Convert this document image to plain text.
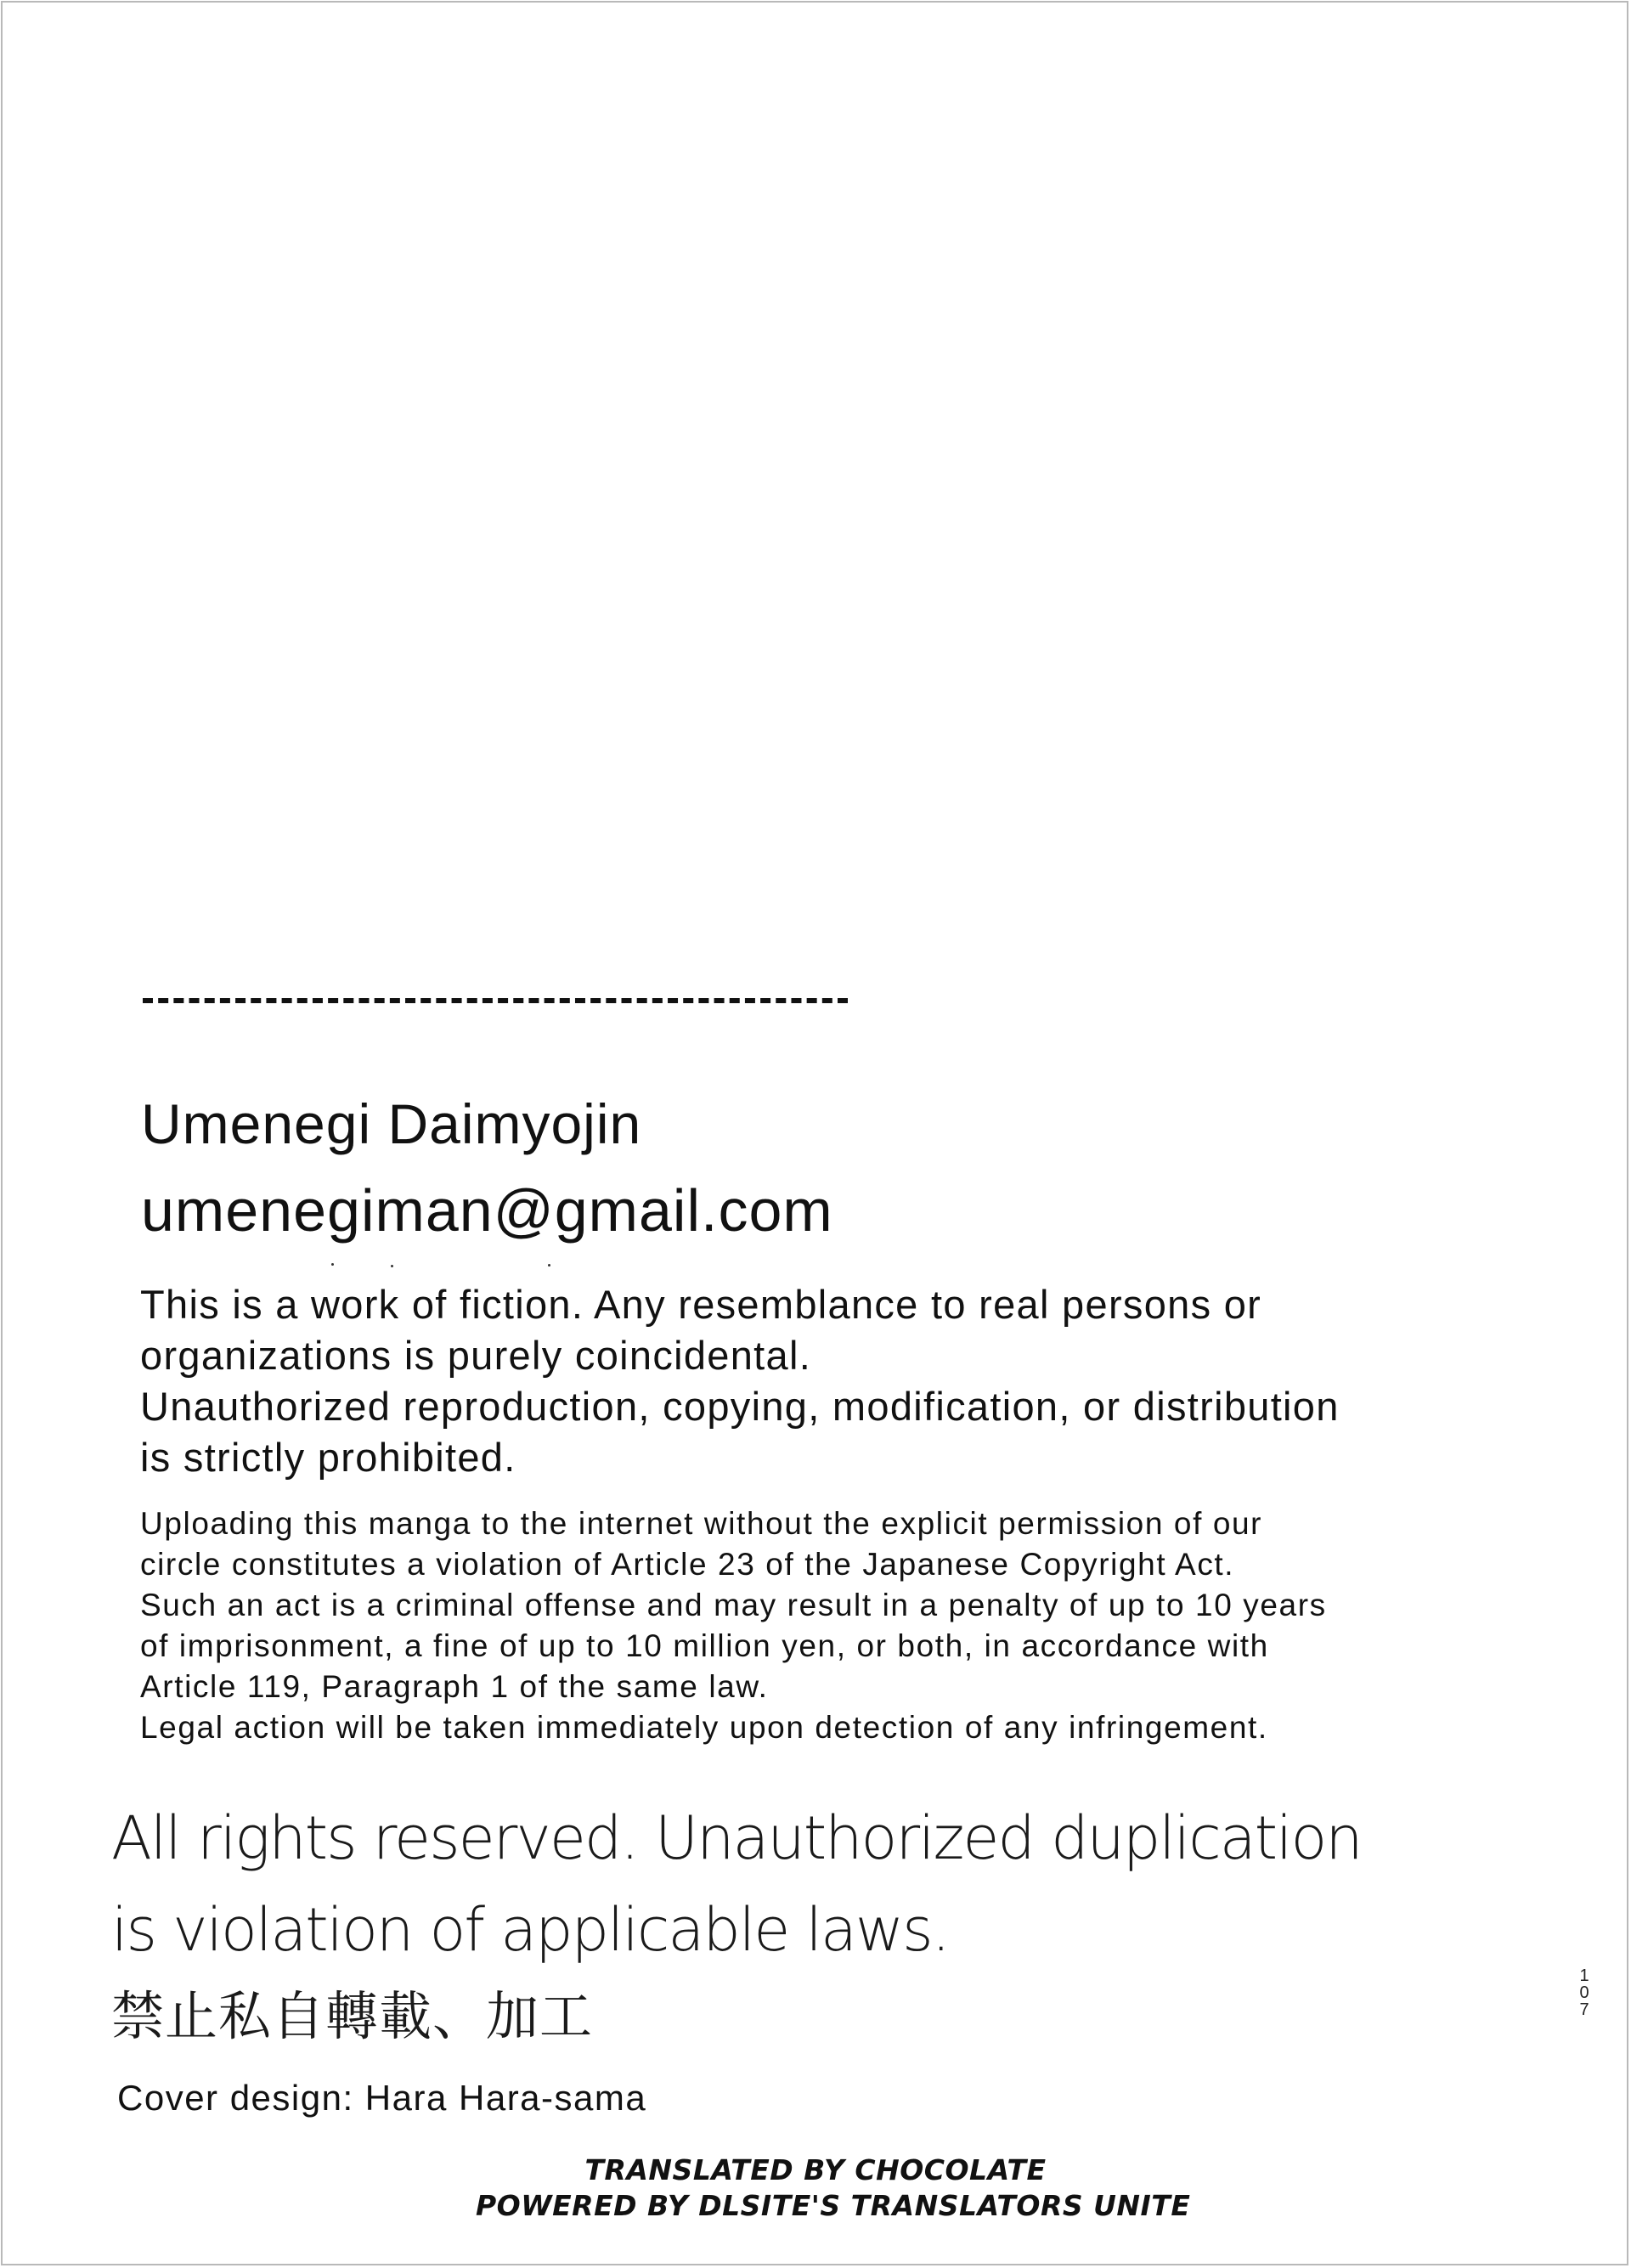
Umenegi Daimyojin
umenegiman@gmail.com

This is a work of fiction. Any resemblance to real persons or

organizations is purely coincidental.

Unauthorized reproduction, copying, modification, or distribution

is strictly prohibited.

Uploading this manga to the internet without the explicit permission of our

circle constitutes a violation of Article 23 of the Japanese Copyright Act.

Such an act is a criminal offense and may result in a penalty of up to 10 years

of imprisonment, a fine of up to 10 million yen, or both, in accordance with

Article 119, Paragraph 1 of the same law.

Legal action will be taken immediately upon detection of any infringement.

All rights reserved. Unauthorized duplication

is violation of applicable laws.

禁止私自轉載、加工
Cover design: Hara Hara-sama
107

TRANSLATED BY CHOCOLATE

POWERED BY DLSITE'S TRANSLATORS UNITE
